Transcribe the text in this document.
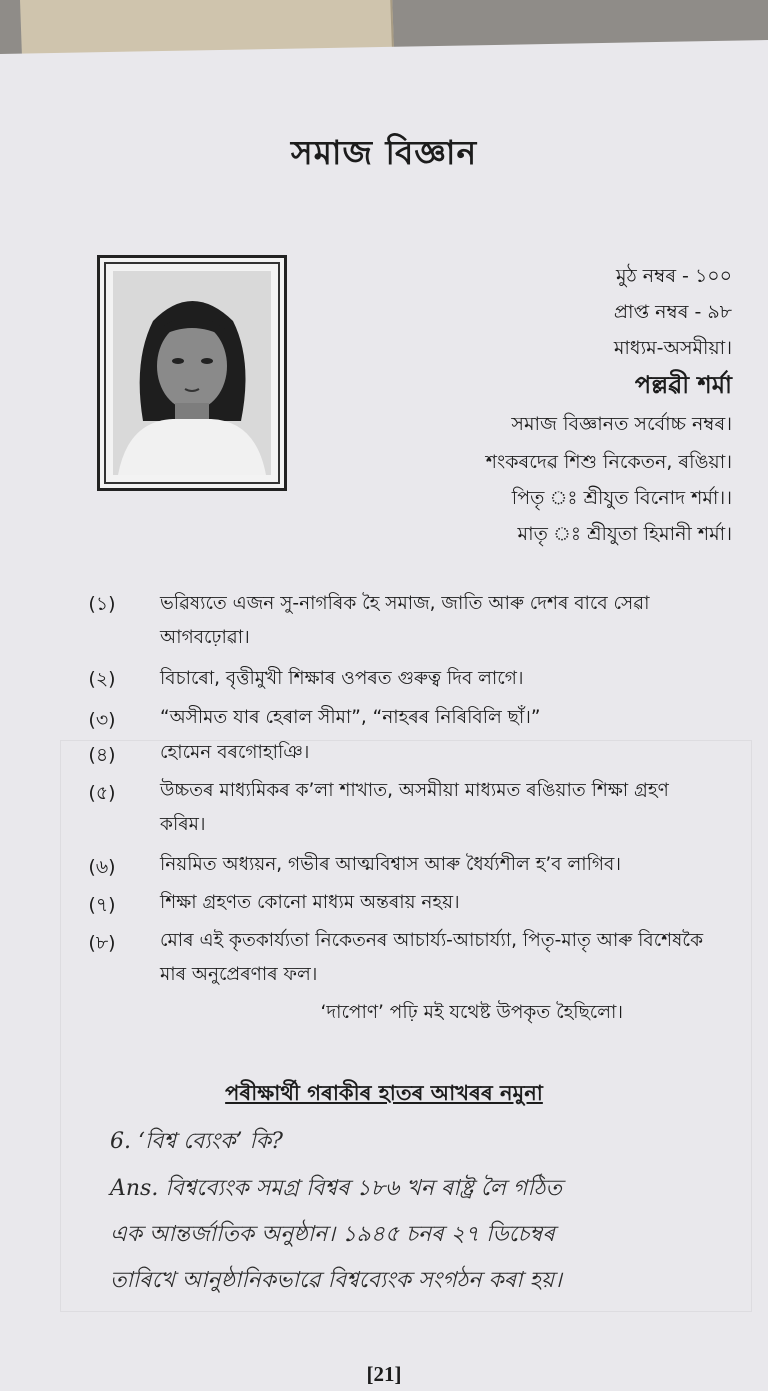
সমাজ বিজ্ঞান
মুঠ নম্বৰ - ১০০
প্ৰাপ্ত নম্বৰ - ৯৮
মাধ্যম-অসমীয়া।
পল্লৱী শৰ্মা
সমাজ বিজ্ঞানত সৰ্বোচ্চ নম্বৰ।
শংকৰদেৱ শিশু নিকেতন, ৰঙিয়া।
পিতৃ ঃ শ্ৰীযুত বিনোদ শৰ্মা।।
মাতৃ ঃ শ্ৰীযুতা হিমানী শৰ্মা।
(১)	ভৱিষ্যতে এজন সু-নাগৰিক হৈ সমাজ, জাতি আৰু দেশৰ বাবে সেৱা
আগবঢ়োৱা।
(২)	বিচাৰো, বৃত্তীমুখী শিক্ষাৰ ওপৰত গুৰুত্ব দিব লাগে।
(৩)	“অসীমত যাৰ হেৰাল সীমা”, “নাহৰৰ নিৰিবিলি ছাঁ।”
(৪)	হোমেন বৰগোহাঞি।
(৫)	উচ্চতৰ মাধ্যমিকৰ ক’লা শাখাত, অসমীয়া মাধ্যমত ৰঙিয়াত শিক্ষা গ্ৰহণ
কৰিম।
(৬)	নিয়মিত অধ্যয়ন, গভীৰ আত্মবিশ্বাস আৰু ধৈৰ্য্যশীল হ’ব লাগিব।
(৭)	শিক্ষা গ্ৰহণত কোনো মাধ্যম অন্তৰায় নহয়।
(৮)	মোৰ এই কৃতকাৰ্য্যতা নিকেতনৰ আচাৰ্য্য-আচাৰ্য্যা, পিতৃ-মাতৃ আৰু বিশেষকৈ
মাৰ অনুপ্ৰেৰণাৰ ফল।
‘দাপোণ’ পঢ়ি মই যথেষ্ট উপকৃত হৈছিলো।
পৰীক্ষাৰ্থী গৰাকীৰ হাতৰ আখৰৰ নমুনা
6. ‘বিশ্ব ব্যেংক’ কি?
Ans. বিশ্বব্যেংক সমগ্ৰ বিশ্বৰ ১৮৬ খন ৰাষ্ট্ৰ লৈ গঠিত
এক আন্তৰ্জাতিক অনুষ্ঠান। ১৯৪৫ চনৰ ২৭ ডিচেম্বৰ
তাৰিখে আনুষ্ঠানিকভাৱে বিশ্বব্যেংক সংগঠন কৰা হয়।
[21]
